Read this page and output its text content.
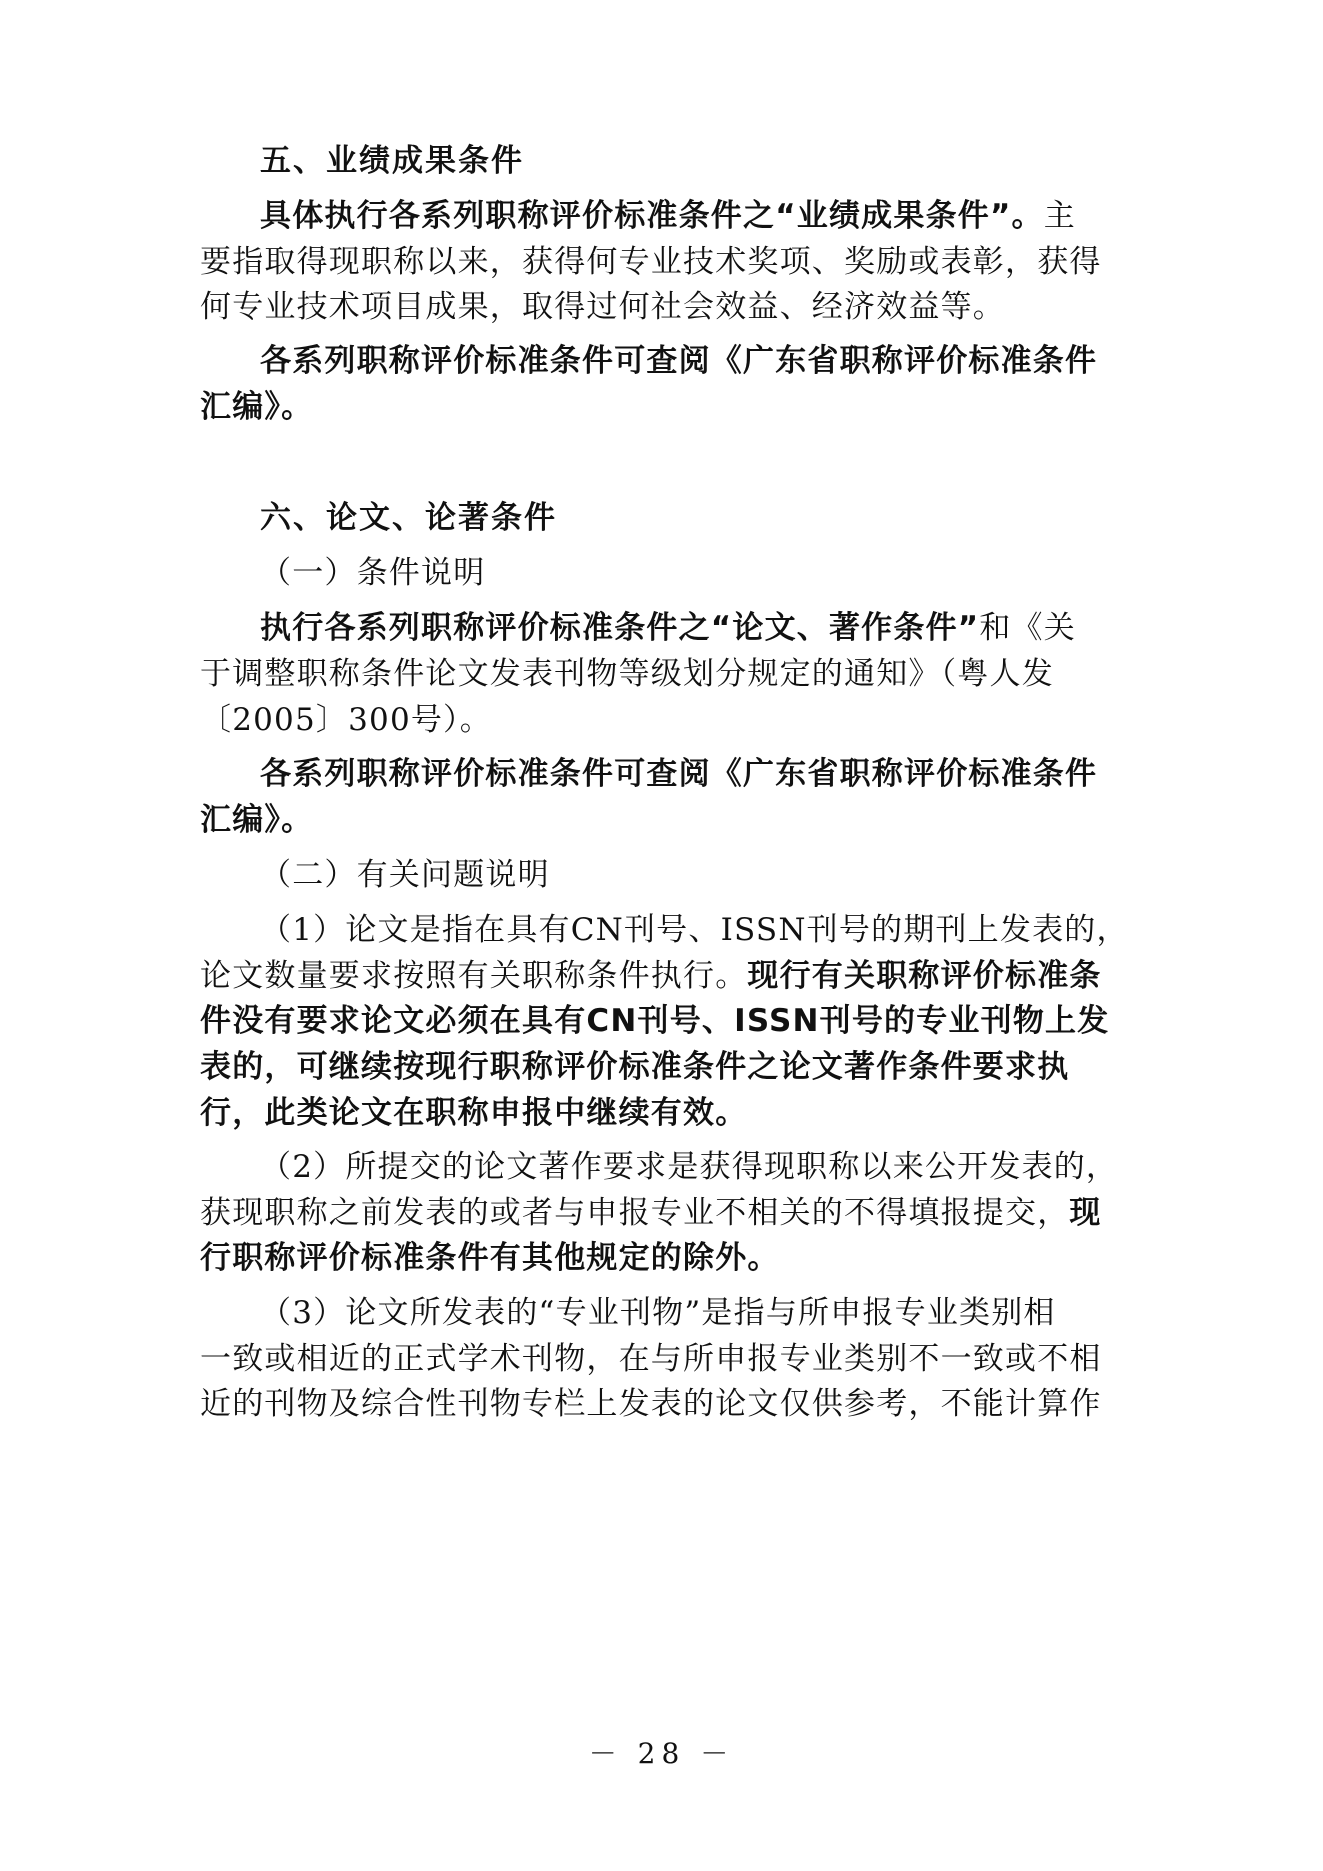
五、业绩成果条件
具体执行各系列职称评价标准条件之“业绩成果条件”。主
要指取得现职称以来，获得何专业技术奖项、奖励或表彰，获得
何专业技术项目成果，取得过何社会效益、经济效益等。
各系列职称评价标准条件可查阅《广东省职称评价标准条件
汇编》。
六、论文、论著条件
（一）条件说明
执行各系列职称评价标准条件之“论文、著作条件”和《关
于调整职称条件论文发表刊物等级划分规定的通知》（粤人发
〔2005〕300号）。
各系列职称评价标准条件可查阅《广东省职称评价标准条件
汇编》。
（二）有关问题说明
（1）论文是指在具有CN刊号、ISSN刊号的期刊上发表的，
论文数量要求按照有关职称条件执行。现行有关职称评价标准条
件没有要求论文必须在具有CN刊号、ISSN刊号的专业刊物上发
表的，可继续按现行职称评价标准条件之论文著作条件要求执
行，此类论文在职称申报中继续有效。
（2）所提交的论文著作要求是获得现职称以来公开发表的，
获现职称之前发表的或者与申报专业不相关的不得填报提交，现
行职称评价标准条件有其他规定的除外。
（3）论文所发表的“专业刊物”是指与所申报专业类别相
一致或相近的正式学术刊物，在与所申报专业类别不一致或不相
近的刊物及综合性刊物专栏上发表的论文仅供参考，不能计算作
－ 28 －
